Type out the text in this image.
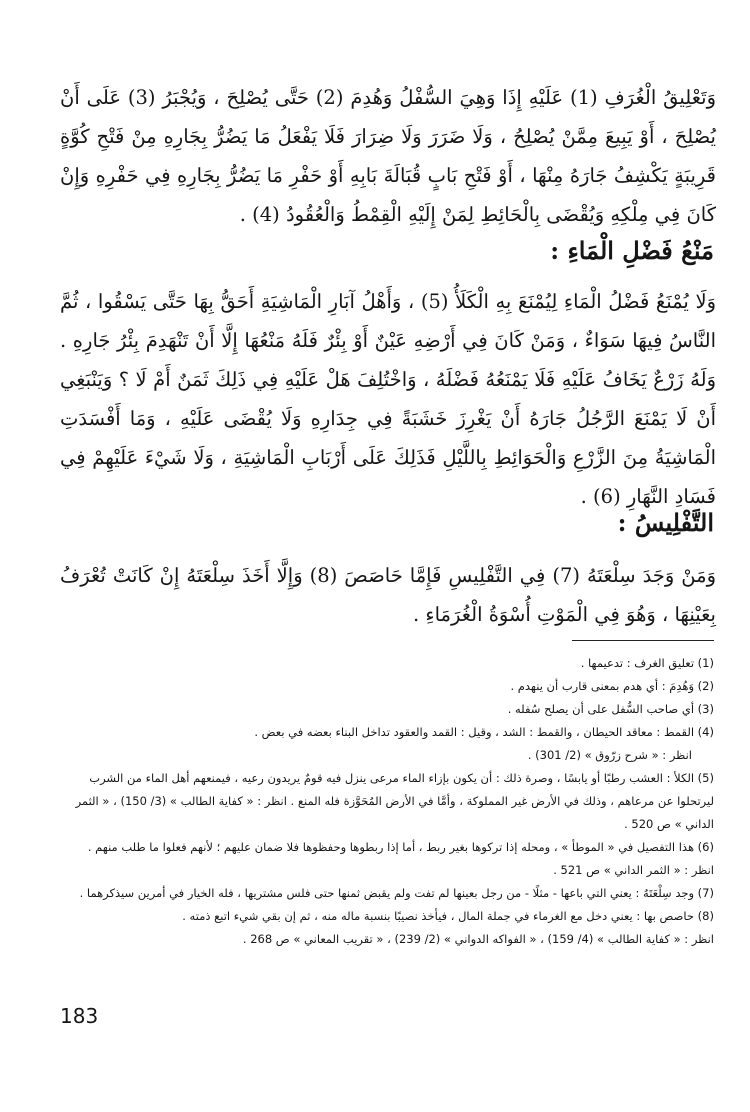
وَتَعْلِيقُ الْغُرَفِ (1) عَلَيْهِ إِذَا وَهِيَ السُّفْلُ وَهُدِمَ (2) حَتَّى يُصْلِحَ ، وَيُجْبَرُ (3) عَلَى أَنْ يُصْلِحَ ، أَوْ يَبِيعَ مِمَّنْ يُصْلِحُ ، وَلَا ضَرَرَ وَلَا ضِرَارَ فَلَا يَفْعَلُ مَا يَضُرُّ بِجَارِهِ مِنْ فَتْحِ كُوَّةٍ قَرِيبَةٍ يَكْشِفُ جَارَهُ مِنْهَا ، أَوْ فَتْحِ بَابٍ قُبَالَةَ بَابِهِ أَوْ حَفْرِ مَا يَضُرُّ بِجَارِهِ فِي حَفْرِهِ وَإِنْ كَانَ فِي مِلْكِهِ وَيُقْضَى بِالْحَائِطِ لِمَنْ إِلَيْهِ الْقِمْطُ وَالْعُقُودُ (4) .
مَنْعُ فَضْلِ الْمَاءِ :
وَلَا يُمْنَعُ فَضْلُ الْمَاءِ لِيُمْنَعَ بِهِ الْكَلَأُ (5) ، وَأَهْلُ آبَارِ الْمَاشِيَةِ أَحَقُّ بِهَا حَتَّى يَسْقُوا ، ثُمَّ النَّاسُ فِيهَا سَوَاءٌ ، وَمَنْ كَانَ فِي أَرْضِهِ عَيْنٌ أَوْ بِئْرٌ فَلَهُ مَنْعُهَا إِلَّا أَنْ تَنْهَدِمَ بِئْرُ جَارِهِ . وَلَهُ زَرْعٌ يَخَافُ عَلَيْهِ فَلَا يَمْنَعُهُ فَضْلَهُ ، وَاخْتُلِفَ هَلْ عَلَيْهِ فِي ذَلِكَ ثَمَنٌ أَمْ لَا ؟ وَيَنْبَغِي أَنْ لَا يَمْنَعَ الرَّجُلُ جَارَهُ أَنْ يَغْرِزَ خَشَبَةً فِي جِدَارِهِ وَلَا يُقْضَى عَلَيْهِ ، وَمَا أَفْسَدَتِ الْمَاشِيَةُ مِنَ الزَّرْعِ وَالْحَوَائِطِ بِاللَّيْلِ فَذَلِكَ عَلَى أَرْبَابِ الْمَاشِيَةِ ، وَلَا شَيْءَ عَلَيْهِمْ فِي فَسَادِ النَّهَارِ (6) .
التَّفْلِيسُ :
وَمَنْ وَجَدَ سِلْعَتَهُ (7) فِي التَّفْلِيسِ فَإِمَّا حَاصَصَ (8) وَإِلَّا أَخَذَ سِلْعَتَهُ إِنْ كَانَتْ تُعْرَفُ بِعَيْنِهَا ، وَهُوَ فِي الْمَوْتِ أُسْوَةُ الْغُرَمَاءِ .

(1) تعليق الغرف : تدعيمها .

(2) وَهُدِمَ : أي هدم بمعنى قارب أن ينهدم .

(3) أي صاحب السُّفل على أن يصلح سُفله .

(4) القمط : معاقد الحيطان ، والقمط : الشد ، وقيل : القمد والعقود تداخل البناء بعضه في بعض .

انظر : « شرح زرّوق » (2/ 301) .

(5) الكلأ : العشب رطبًا أو يابسًا ، وصرة ذلك : أن يكون بإزاء الماء مرعى ينزل فيه قومٌ يريدون رعيه ، فيمنعهم أهل الماء من الشرب ليرتحلوا عن مرعاهم ، وذلك في الأرض غير المملوكة ، وأمَّا في الأرض المُحَوَّزة فله المنع . انظر : « كفاية الطالب » (3/ 150) ، « الثمر الداني » ص 520 .

(6) هذا التفصيل في « الموطأ » ، ومحله إذا تركوها بغير ربط ، أما إذا ربطوها وحفظوها فلا ضمان عليهم ؛ لأنهم فعلوا ما طلب منهم . انظر : « الثمر الداني » ص 521 .

(7) وجد سِلْعَتَهُ : يعني التي باعها - مثلًا - من رجل بعينها لم تفت ولم يقبض ثمنها حتى فلس مشتريها ، فله الخيار في أمرين سيذكرهما .

(8) حاصص بها : يعني دخل مع الغرماء في جملة المال ، فيأخذ نصيبًا بنسبة ماله منه ، ثم إن بقي شيء اتبع ذمته .

انظر : « كفاية الطالب » (4/ 159) ، « الفواكه الدواني » (2/ 239) ، « تقريب المعاني » ص 268 .

183
